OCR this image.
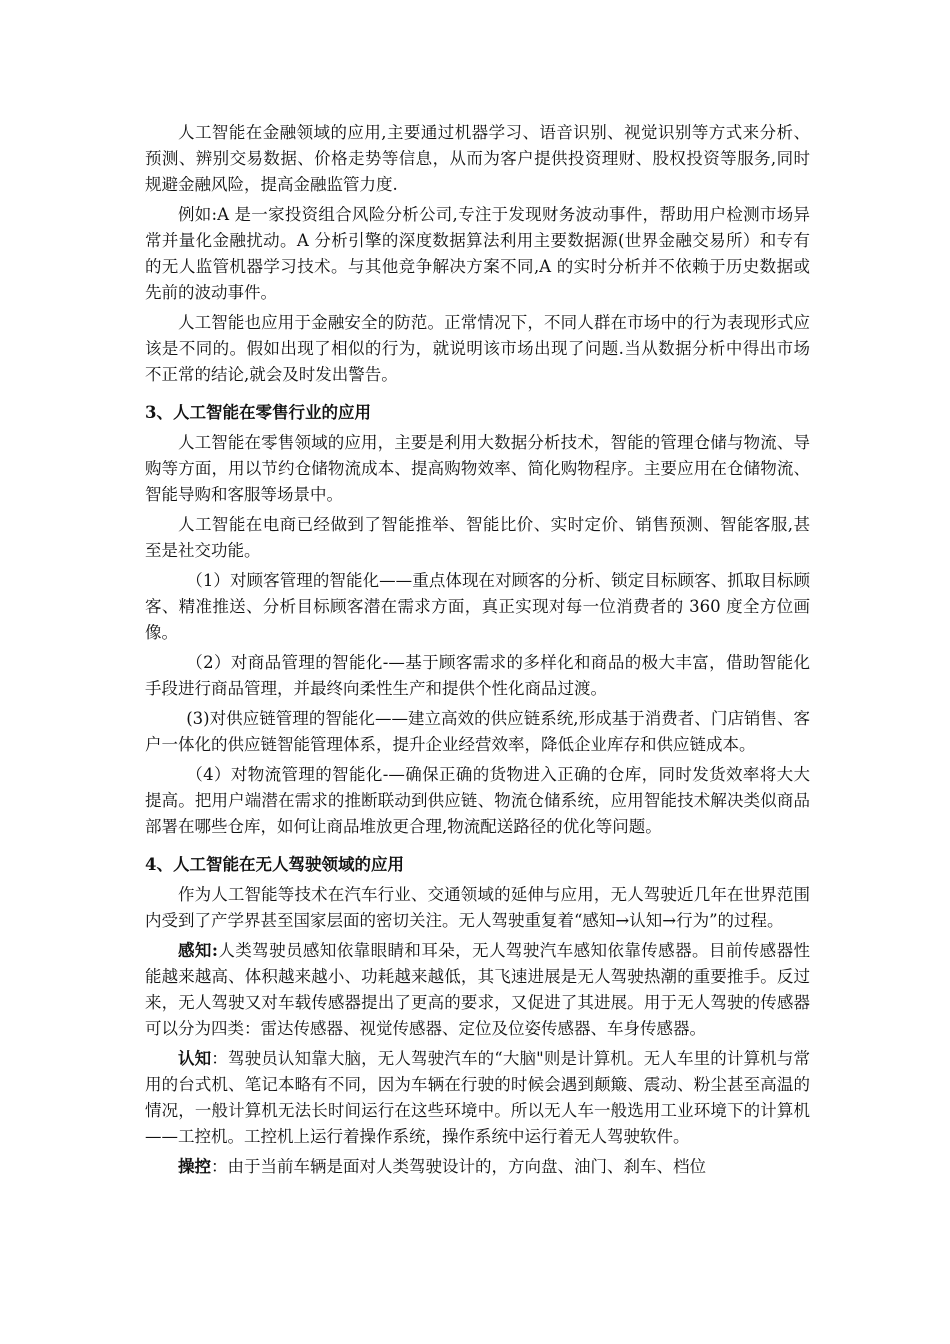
人工智能在金融领域的应用,主要通过机器学习、语音识别、视觉识别等方式来分析、预测、辨别交易数据、价格走势等信息，从而为客户提供投资理财、股权投资等服务,同时规避金融风险，提高金融监管力度.

例如:A 是一家投资组合风险分析公司,专注于发现财务波动事件，帮助用户检测市场异常并量化金融扰动。A 分析引擎的深度数据算法利用主要数据源(世界金融交易所）和专有的无人监管机器学习技术。与其他竞争解决方案不同,A 的实时分析并不依赖于历史数据或先前的波动事件。

人工智能也应用于金融安全的防范。正常情况下，不同人群在市场中的行为表现形式应该是不同的。假如出现了相似的行为，就说明该市场出现了问题.当从数据分析中得出市场不正常的结论,就会及时发出警告。

3、人工智能在零售行业的应用

人工智能在零售领域的应用，主要是利用大数据分析技术，智能的管理仓储与物流、导购等方面，用以节约仓储物流成本、提高购物效率、简化购物程序。主要应用在仓储物流、智能导购和客服等场景中。

人工智能在电商已经做到了智能推举、智能比价、实时定价、销售预测、智能客服,甚至是社交功能。

（1）对顾客管理的智能化——重点体现在对顾客的分析、锁定目标顾客、抓取目标顾客、精准推送、分析目标顾客潜在需求方面，真正实现对每一位消费者的 360 度全方位画像。

（2）对商品管理的智能化-—基于顾客需求的多样化和商品的极大丰富，借助智能化手段进行商品管理，并最终向柔性生产和提供个性化商品过渡。

(3)对供应链管理的智能化——建立高效的供应链系统,形成基于消费者、门店销售、客户一体化的供应链智能管理体系，提升企业经营效率，降低企业库存和供应链成本。

（4）对物流管理的智能化-—确保正确的货物进入正确的仓库，同时发货效率将大大提高。把用户端潜在需求的推断联动到供应链、物流仓储系统，应用智能技术解决类似商品部署在哪些仓库，如何让商品堆放更合理,物流配送路径的优化等问题。

4、人工智能在无人驾驶领域的应用

作为人工智能等技术在汽车行业、交通领域的延伸与应用，无人驾驶近几年在世界范围内受到了产学界甚至国家层面的密切关注。无人驾驶重复着“感知→认知→行为”的过程。

感知:人类驾驶员感知依靠眼睛和耳朵，无人驾驶汽车感知依靠传感器。目前传感器性能越来越高、体积越来越小、功耗越来越低，其飞速进展是无人驾驶热潮的重要推手。反过来，无人驾驶又对车载传感器提出了更高的要求，又促进了其进展。用于无人驾驶的传感器可以分为四类：雷达传感器、视觉传感器、定位及位姿传感器、车身传感器。

认知：驾驶员认知靠大脑，无人驾驶汽车的“大脑"则是计算机。无人车里的计算机与常用的台式机、笔记本略有不同，因为车辆在行驶的时候会遇到颠簸、震动、粉尘甚至高温的情况，一般计算机无法长时间运行在这些环境中。所以无人车一般选用工业环境下的计算机——工控机。工控机上运行着操作系统，操作系统中运行着无人驾驶软件。

操控：由于当前车辆是面对人类驾驶设计的，方向盘、油门、刹车、档位
